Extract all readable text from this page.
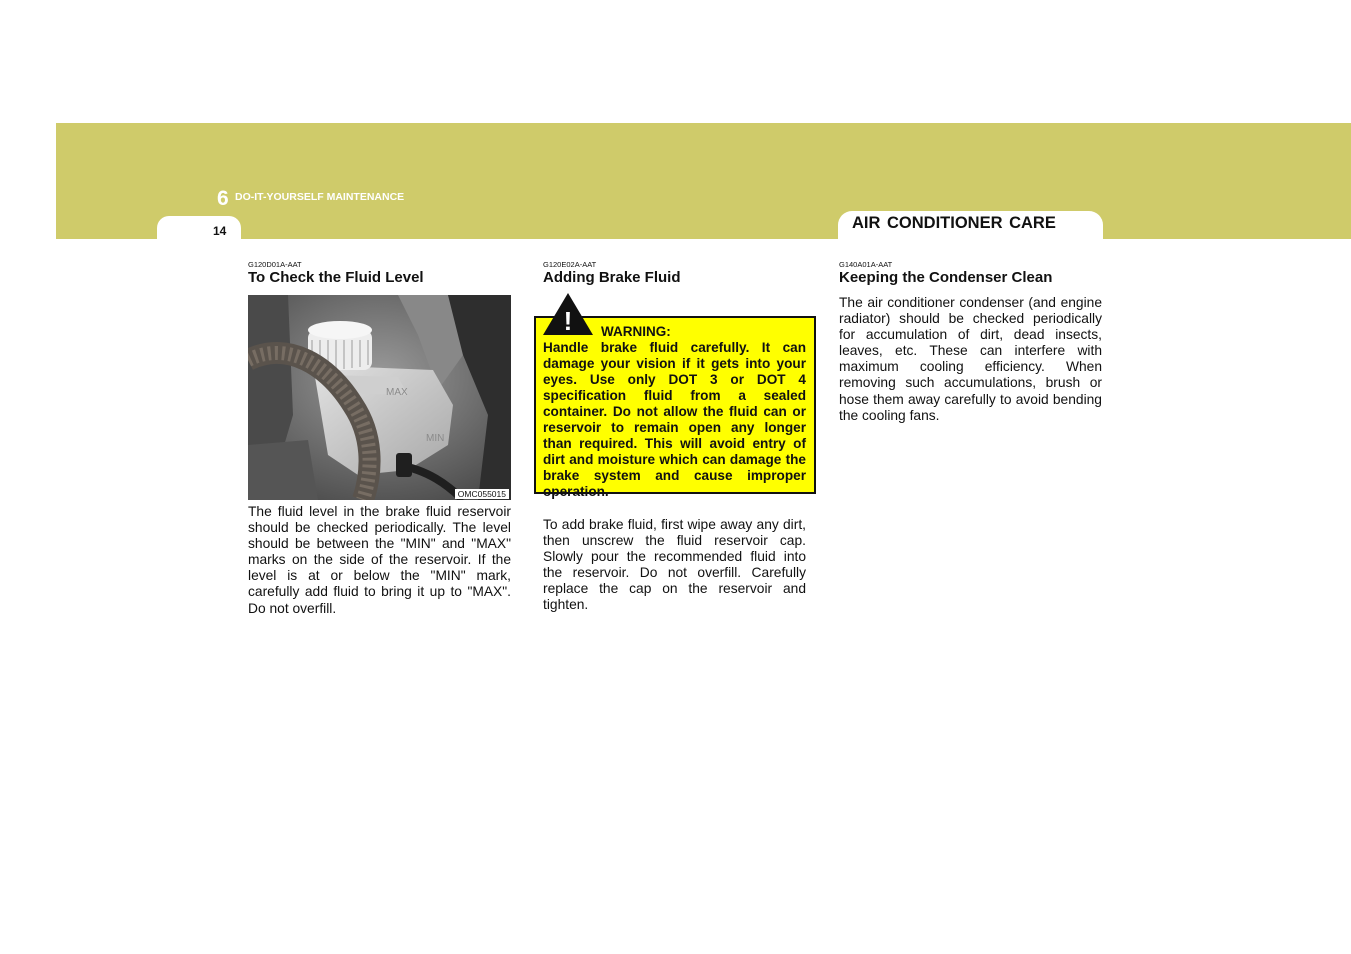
6 DO-IT-YOURSELF MAINTENANCE
14	AIR CONDITIONER CARE
G120D01A-AAT
To Check the Fluid Level
MAX
MIN
OMC055015

The fluid level in the brake fluid reservoir should be checked periodically. The level should be between the "MIN" and "MAX" marks on the side of the reservoir. If the level is at or below the "MIN" mark, carefully add fluid to bring it up to "MAX". Do not overfill.

G120E02A-AAT
Adding Brake Fluid
! WARNING:

Handle brake fluid carefully. It can damage your vision if it gets into your eyes. Use only DOT 3 or DOT 4 specification fluid from a sealed container. Do not allow the fluid can or reservoir to remain open any longer than required. This will avoid entry of dirt and moisture which can damage the brake system and cause improper operation.

To add brake fluid, first wipe away any dirt, then unscrew the fluid reservoir cap. Slowly pour the recommended fluid into the reservoir. Do not overfill. Carefully replace the cap on the reservoir and tighten.

G140A01A-AAT
Keeping the Condenser Clean

The air conditioner condenser (and engine radiator) should be checked periodically for accumulation of dirt, dead insects, leaves, etc. These can interfere with maximum cooling efficiency. When removing such accumulations, brush or hose them away carefully to avoid bending the cooling fans.
